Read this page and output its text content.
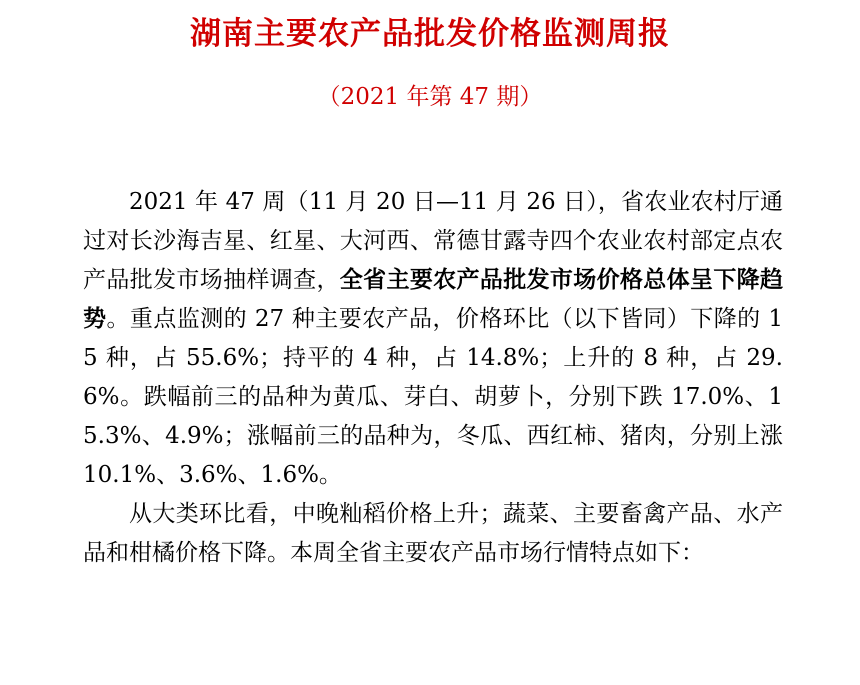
湖南主要农产品批发价格监测周报
（2021 年第 47 期）

2021 年 47 周（11 月 20 日—11 月 26 日），省农业农村厅通过对长沙海吉星、红星、大河西、常德甘露寺四个农业农村部定点农产品批发市场抽样调查，全省主要农产品批发市场价格总体呈下降趋势。重点监测的 27 种主要农产品，价格环比（以下皆同）下降的 15 种，占 55.6%；持平的 4 种，占 14.8%；上升的 8 种，占 29.6%。跌幅前三的品种为黄瓜、芽白、胡萝卜，分别下跌 17.0%、15.3%、4.9%；涨幅前三的品种为，冬瓜、西红柿、猪肉，分别上涨 10.1%、3.6%、1.6%。

从大类环比看，中晚籼稻价格上升；蔬菜、主要畜禽产品、水产品和柑橘价格下降。本周全省主要农产品市场行情特点如下：
